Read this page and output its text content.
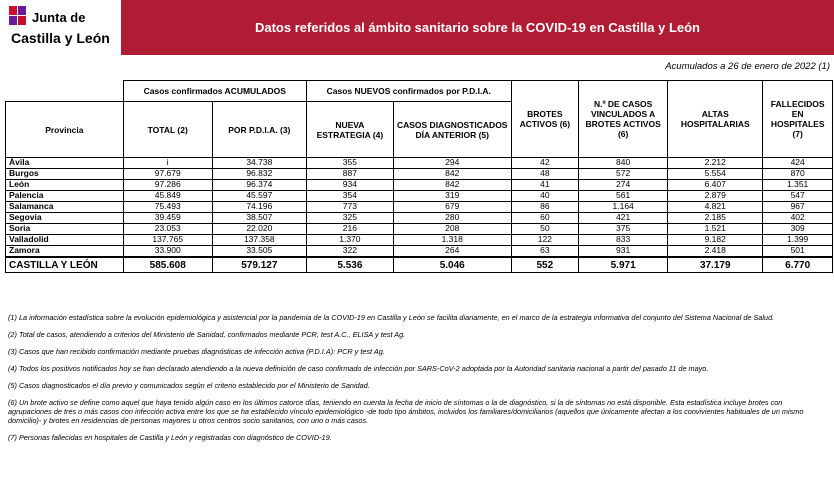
Junta de
Castilla y León
Datos referidos al ámbito sanitario sobre la COVID-19 en Castilla y León
Acumulados a 26 de enero de 2022 (1)
	Casos confirmados ACUMULADOS		Casos NUEVOS confirmados por P.D.I.A.		BROTES ACTIVOS (6)	N.º DE CASOS VINCULADOS A BROTES ACTIVOS (6)	ALTAS HOSPITALARIAS	FALLECIDOS EN HOSPITALES (7)
Provincia	TOTAL (2)	POR P.D.I.A. (3)	NUEVA ESTRATEGIA (4)	CASOS DIAGNOSTICADOS DÍA ANTERIOR (5)				
Ávila	i	34.738	355	294	42	840	2.212	424
Burgos	97.679	96.832	887	842	48	572	5.554	870
León	97.286	96.374	934	842	41	274	6.407	1.351
Palencia	45.849	45.597	354	319	40	561	2.879	547
Salamanca	75.493	74.196	773	679	86	1.164	4.821	967
Segovia	39.459	38.507	325	280	60	421	2.185	402
Soria	23.053	22.020	216	208	50	375	1.521	309
Valladolid	137.765	137.358	1.370	1.318	122	833	9.182	1.399
Zamora	33.900	33.505	322	264	63	931	2.418	501
CASTILLA Y LEÓN	585.608	579.127	5.536	5.046	552	5.971	37.179	6.770

(1) La información estadística sobre la evolución epidemiológica y asistencial por la pandemia de la COVID-19 en Castilla y León se facilita diariamente, en el marco de la estrategia informativa del conjunto del Sistema Nacional de Salud.

(2) Total de casos, atendiendo a criterios del Ministerio de Sanidad, confirmados mediante PCR, test A.C., ELISA y test Ag.

(3) Casos que han recibido confirmación mediante pruebas diagnósticas de infección activa (P.D.I.A): PCR y test Ag.

(4) Todos los positivos notificados hoy se han declarado atendiendo a la nueva definición de caso confirmado de infección por SARS-CoV-2 adoptada por la Autoridad sanitaria nacional a partir del pasado 11 de mayo.

(5) Casos diagnosticados el día previo y comunicados según el criterio establecido por el Ministerio de Sanidad.

(6) Un brote activo se define como aquel que haya tenido algún caso en los últimos catorce días, teniendo en cuenta la fecha de inicio de síntomas o la de diagnóstico, si la de síntomas no está disponible. Esta estadística incluye brotes con agrupaciones de tres o más casos con infección activa entre los que se ha establecido vínculo epidemiológico -de todo tipo ámbitos, incluidos los familiares/domiciliarios (aquellos que únicamente afectan a los convivientes habituales de un mismo domicilio)- y brotes en residencias de personas mayores u otros centros socio sanitarios, con uno o más casos.

(7) Personas fallecidas en hospitales de Castilla y León y registradas con diagnóstico de COVID-19.
